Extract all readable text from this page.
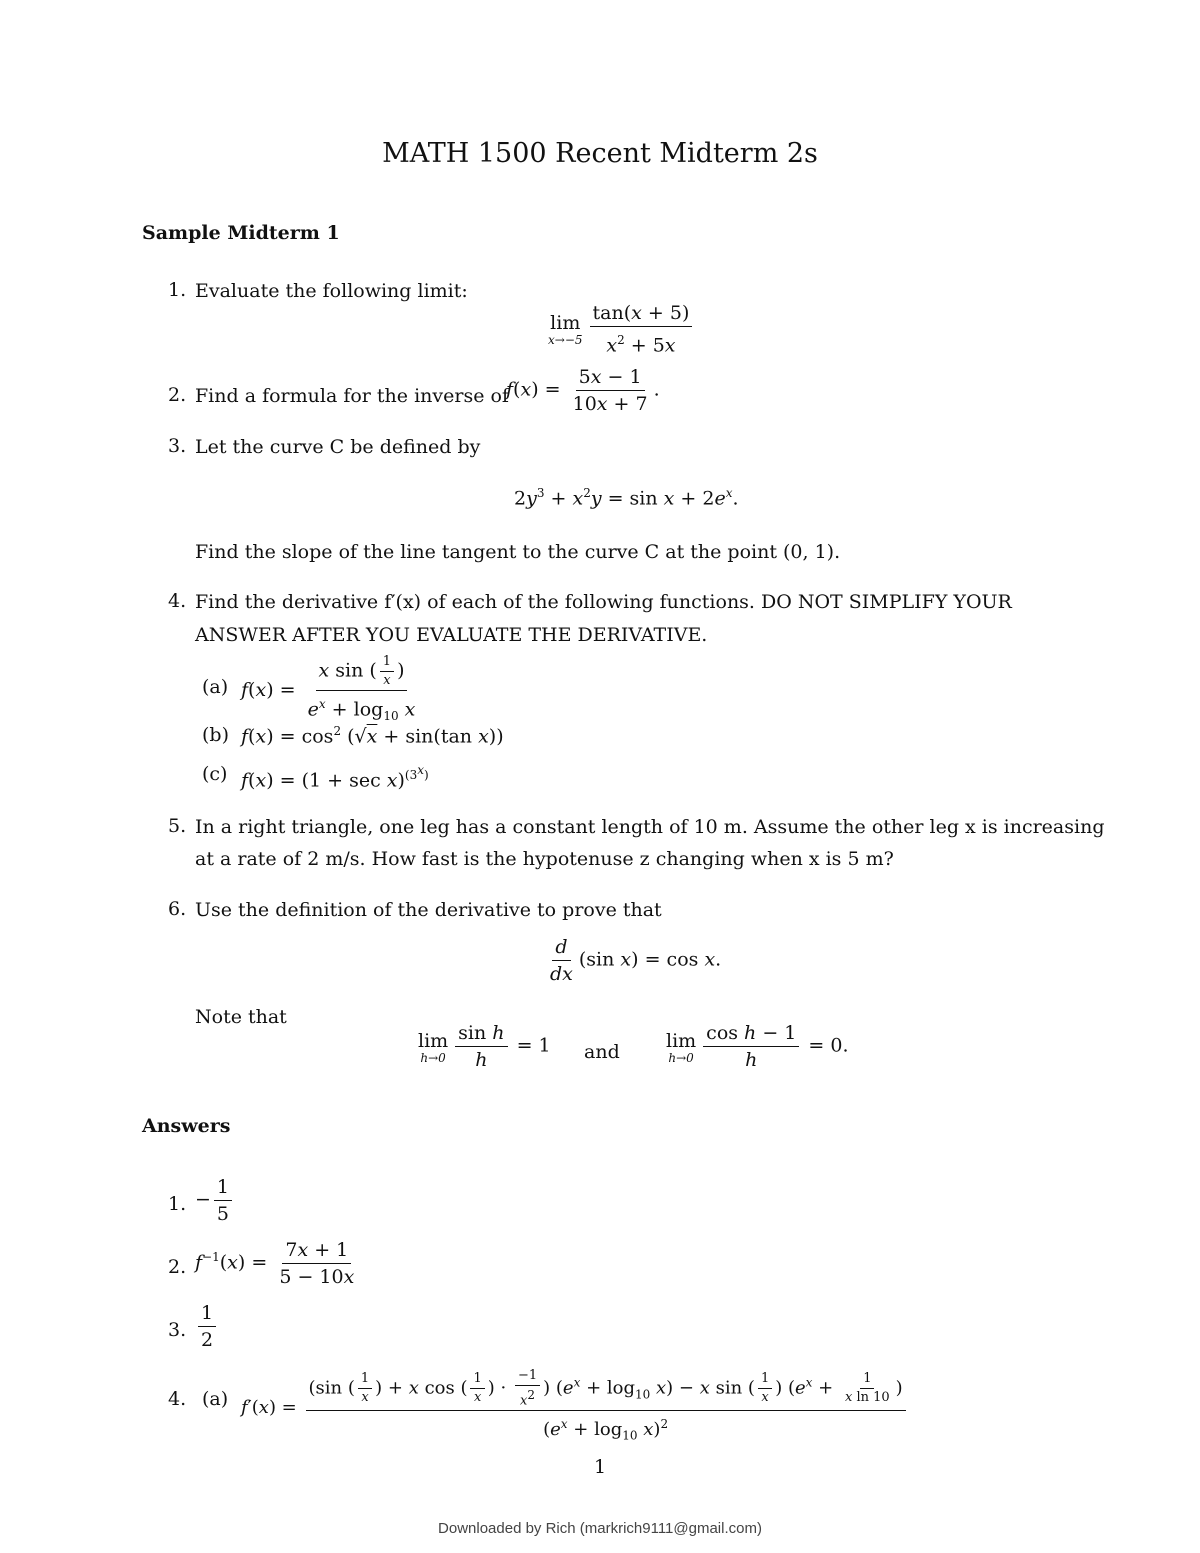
MATH 1500 Recent Midterm 2s
Sample Midterm 1
1. Evaluate the following limit:
lim
$x\to-5 \frac{\tan(x + 5)}{x^2 + 5x}$
2. Find a formula for the inverse of
$f(x) = \frac{5x - 1}{10x + 7}$ .
3. Let the curve C be defined by
$2y^3 + x^2y = \sin x + 2e^x$.
Find the slope of the line tangent to the curve C at the point (0, 1).
4. Find the derivative f′(x) of each of the following functions. DO NOT SIMPLIFY YOUR
ANSWER AFTER YOU EVALUATE THE DERIVATIVE.
(a) $f(x) = \frac{x \sin ( \frac{1}{x} )}{e^x + \log_{10} x}$
(b) $f(x) = \cos^2 (√x + \sin(\tan$ x))
(c) $f(x) = (1 + \sec x)^{(3^x)}$
5. In a right triangle, one leg has a constant length of 10 m. Assume the other leg x is increasing
at a rate of 2 m/s. How fast is the hypotenuse z changing when x is 5 m?
6. Use the definition of the derivative to prove that
$\frac{d}{dx} (\sin$ x) = cos x.
Note that
lim
$h\to 0 \frac{\text{sin h}}{h} = 1$ and
lim
$h\to 0 \frac{\text{cos h − 1}}{h} = 0$.
Answers
1. − $\frac{1}{5}$
2. $f^{-1}(x) = \frac{7x + 1}{5 - 10x}$
3. $\frac{1}{2}$
4. (a) f′(x) =
(sin ( $\frac{1}{x}$ ) + x cos ( $\frac{1}{x}$ ) · $\frac{-1}{x^2}$ ) $(e^x + \log_{10} x) - x$ sin ( $\frac{1}{x}$ ) ($e^x + \frac{1}{\text{x ln 10}}$ )
$(e^x + \log_{10} x)^2$
1
Downloaded by Rich (markrich9111@gmail.com)
